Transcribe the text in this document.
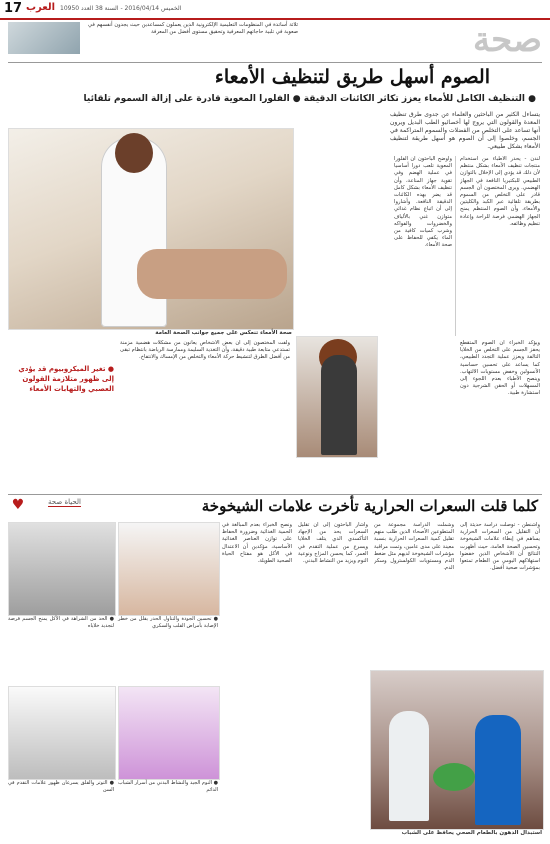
17 العرب الخميس 2016/04/14 - السنة 38 العدد 10950
ثلاثة أساتذة في المنظومات التعليمية الإلكترونية الذين يعملون كمساعدين حيث يجدون أنفسهم في صعوبة في تلبية حاجاتهم المعرفية وتحقيق مستوى أفضل من المعرفة	صحة
الصوم أسهل طريق لتنظيف الأمعاء
● التنظيف الكامل للأمعاء يعزز تكاثر الكائنات الدقيقة ● الفلورا المعوية قادرة على إزالة السموم تلقائيا
يتساءل الكثير من الباحثين والعلماء عن جدوى طرق تنظيف المعدة والقولون التي يروج لها أخصائيو الطب البديل ويرون أنها تساعد على التخلص من الفضلات والسموم المتراكمة في الجسم، وخلصوا إلى أن الصوم هو أسهل طريقة لتنظيف الأمعاء بشكل طبيعي.
لندن - يحذر الأطباء من استخدام منتجات تنظيف الأمعاء بشكل منتظم لأن ذلك قد يؤدي إلى الإخلال بالتوازن الطبيعي للبكتيريا النافعة في الجهاز الهضمي. ويرى المختصون أن الجسم قادر على التخلص من السموم بطريقة تلقائية عبر الكبد والكليتين والأمعاء، وأن الصوم المنتظم يمنح الجهاز الهضمي فرصة للراحة وإعادة تنظيم وظائفه.
وأوضح الباحثون أن الفلورا المعوية تلعب دورا أساسيا في عملية الهضم وفي تقوية جهاز المناعة، وأن تنظيف الأمعاء بشكل كامل قد يضر بهذه الكائنات الدقيقة النافعة. وأشاروا إلى أن اتباع نظام غذائي متوازن غني بالألياف والخضروات والفواكه وشرب كميات كافية من الماء يكفي للحفاظ على صحة الأمعاء.
ويؤكد الخبراء أن الصوم المتقطع يحفز الجسم على التخلص من الخلايا التالفة ويعزز عملية التجدد الطبيعي، كما يساعد على تحسين حساسية الأنسولين وخفض مستويات الالتهاب. وينصح الأطباء بعدم اللجوء إلى المسهلات أو الحقن الشرجية دون استشارة طبية.
ولفت المختصون إلى أن بعض الأشخاص يعانون من مشكلات هضمية مزمنة تستدعي متابعة طبية دقيقة، وأن التغذية السليمة وممارسة الرياضة بانتظام تبقى من أفضل الطرق لتنشيط حركة الأمعاء والتخلص من الإمساك والانتفاخ.
صحة الأمعاء تنعكس على جميع جوانب الصحة العامة
● تغير الميكروبيوم قد يؤدي إلى ظهور متلازمة القولون العصبي والتهابات الأمعاء
♥	الحياة صحة	كلما قلت السعرات الحرارية تأخرت علامات الشيخوخة
واشنطن - توصلت دراسة حديثة إلى أن التقليل من السعرات الحرارية يساهم في إبطاء علامات الشيخوخة وتحسين الصحة العامة، حيث أظهرت النتائج أن الأشخاص الذين خفضوا استهلاكهم اليومي من الطعام تمتعوا بمؤشرات صحية أفضل.
وشملت الدراسة مجموعة من المتطوعين الأصحاء الذين طلب منهم تقليل كمية السعرات الحرارية بنسبة معينة على مدى عامين، وتمت مراقبة مؤشرات الشيخوخة لديهم مثل ضغط الدم ومستويات الكولسترول وسكر الدم.
وأشار الباحثون إلى أن تقليل السعرات يحد من الإجهاد التأكسدي الذي يتلف الخلايا ويسرع من عملية التقدم في العمر، كما يحسن المزاج ونوعية النوم ويزيد من النشاط البدني.
ونصح الخبراء بعدم المبالغة في الحمية الغذائية وضرورة الحفاظ على توازن العناصر الغذائية الأساسية، مؤكدين أن الاعتدال في الأكل هو مفتاح الحياة الصحية الطويلة.
● تحسين الجودة والتناول الحذر يقلل من خطر الإصابة بأمراض القلب والسكري
● الحد من الشراهة في الأكل يمنح الجسم فرصة لتجديد خلاياه
● النوم الجيد والنشاط البدني من أسرار الشباب الدائم
● التوتر والقلق يسرعان ظهور علامات التقدم في السن
استبدال الدهون بالطعام الصحي يحافظ على الشباب
